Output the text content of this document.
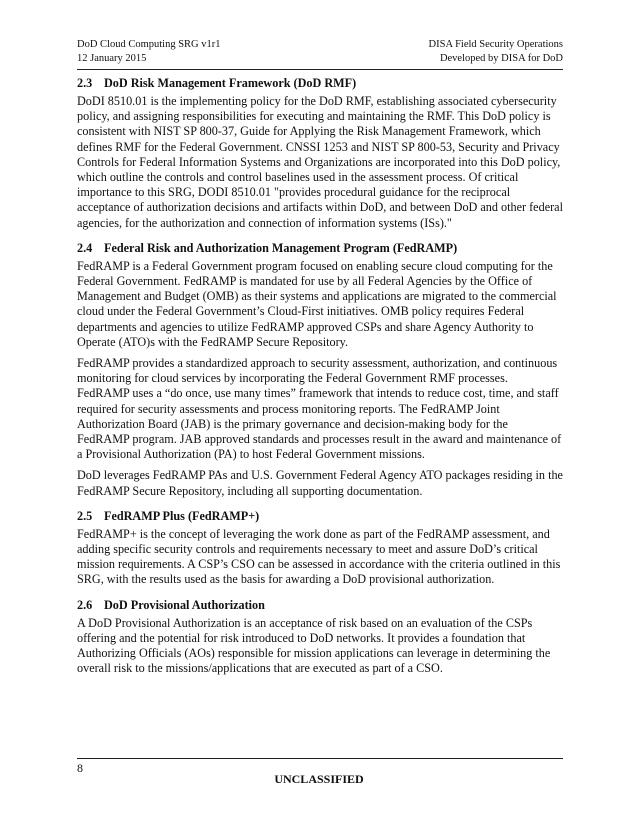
DoD Cloud Computing SRG v1r1
12 January 2015
DISA Field Security Operations
Developed by DISA for DoD
2.3 DoD Risk Management Framework (DoD RMF)

DoDI 8510.01 is the implementing policy for the DoD RMF, establishing associated cybersecurity policy, and assigning responsibilities for executing and maintaining the RMF. This DoD policy is consistent with NIST SP 800-37, Guide for Applying the Risk Management Framework, which defines RMF for the Federal Government. CNSSI 1253 and NIST SP 800-53, Security and Privacy Controls for Federal Information Systems and Organizations are incorporated into this DoD policy, which outline the controls and control baselines used in the assessment process. Of critical importance to this SRG, DODI 8510.01 "provides procedural guidance for the reciprocal acceptance of authorization decisions and artifacts within DoD, and between DoD and other federal agencies, for the authorization and connection of information systems (ISs)."

2.4 Federal Risk and Authorization Management Program (FedRAMP)

FedRAMP is a Federal Government program focused on enabling secure cloud computing for the Federal Government. FedRAMP is mandated for use by all Federal Agencies by the Office of Management and Budget (OMB) as their systems and applications are migrated to the commercial cloud under the Federal Government’s Cloud-First initiatives. OMB policy requires Federal departments and agencies to utilize FedRAMP approved CSPs and share Agency Authority to Operate (ATO)s with the FedRAMP Secure Repository.

FedRAMP provides a standardized approach to security assessment, authorization, and continuous monitoring for cloud services by incorporating the Federal Government RMF processes. FedRAMP uses a “do once, use many times” framework that intends to reduce cost, time, and staff required for security assessments and process monitoring reports. The FedRAMP Joint Authorization Board (JAB) is the primary governance and decision-making body for the FedRAMP program. JAB approved standards and processes result in the award and maintenance of a Provisional Authorization (PA) to host Federal Government missions.

DoD leverages FedRAMP PAs and U.S. Government Federal Agency ATO packages residing in the FedRAMP Secure Repository, including all supporting documentation.

2.5 FedRAMP Plus (FedRAMP+)

FedRAMP+ is the concept of leveraging the work done as part of the FedRAMP assessment, and adding specific security controls and requirements necessary to meet and assure DoD’s critical mission requirements. A CSP’s CSO can be assessed in accordance with the criteria outlined in this SRG, with the results used as the basis for awarding a DoD provisional authorization.

2.6 DoD Provisional Authorization

A DoD Provisional Authorization is an acceptance of risk based on an evaluation of the CSPs offering and the potential for risk introduced to DoD networks. It provides a foundation that Authorizing Officials (AOs) responsible for mission applications can leverage in determining the overall risk to the missions/applications that are executed as part of a CSO.

8
UNCLASSIFIED
